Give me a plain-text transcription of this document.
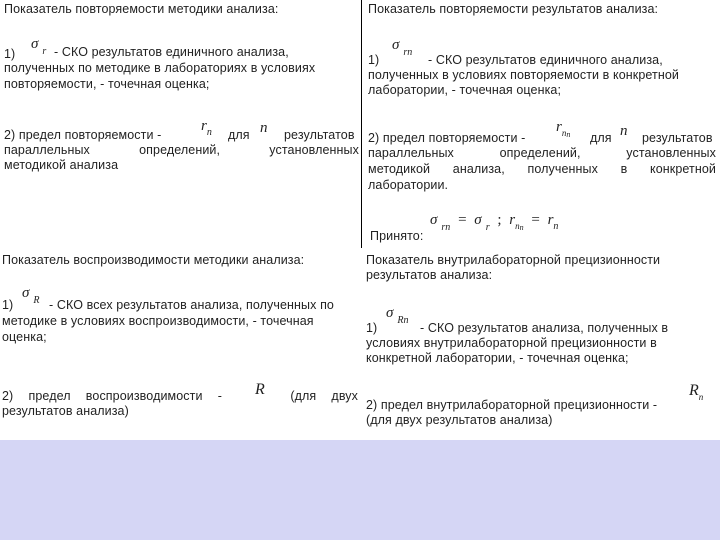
Показатель повторяемости методики анализа:
1)
σ $_r$ - СКО результатов единичного анализа,
полученных по методике в лабораториях в условиях
повторяемости, - точечная оценка;
2) предел повторяемости -
$r_n$ для n результатов
параллельных	определений,	установленных
методикой анализа
Показатель повторяемости результатов анализа:
1)
σ $_{rп}$
- СКО результатов единичного анализа,
полученных в условиях повторяемости в конкретной
лаборатории, - точечная оценка;
2) предел повторяемости -
$r_{nп}$ для n результатов
параллельных	определений,	установленных
методикой анализа, полученных в конкретной
лаборатории.
Принято:
σ $_{rп}$ = σ $_r$ ; $r_{nп} = r_n$
Показатель воспроизводимости методики анализа:
1)
σ $_R$ - СКО всех результатов анализа, полученных по
методике в условиях воспроизводимости, - точечная
оценка;
2) предел воспроизводимости -	(для двух
R
результатов анализа)
Показатель внутрилабораторной прецизионности
результатов анализа:
1)
σ $_{Rп}$
- СКО результатов анализа, полученных в
условиях внутрилабораторной прецизионности в
конкретной лаборатории, - точечная оценка;
2) предел внутрилабораторной прецизионности -
$R_п$
(для двух результатов анализа)
